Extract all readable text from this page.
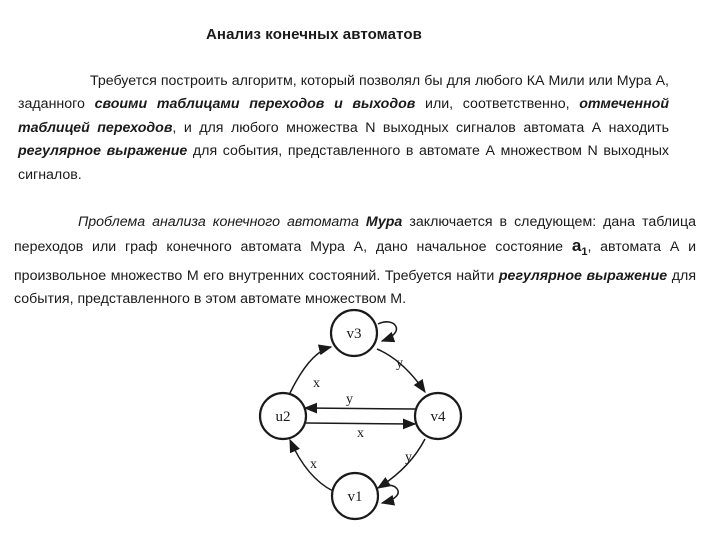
Анализ конечных автоматов

Требуется построить алгоритм, который позволял бы для любого КА Мили или Мура А, заданного своими таблицами переходов и выходов или, соответственно, отмеченной таблицей переходов, и для любого множества N выходных сигналов автомата А находить регулярное выражение для события, представленного в автомате А множеством N выходных сигналов.

Проблема анализа конечного автомата Мура заключается в следующем: дана таблица переходов или граф конечного автомата Мура А, дано начальное состояние $a_1$, автомата А и произвольное множество М его внутренних состояний. Требуется найти регулярное выражение для события, представленного в этом автомате множеством М.

x
y
y
x
x	y
v3
u2	v4
v1
